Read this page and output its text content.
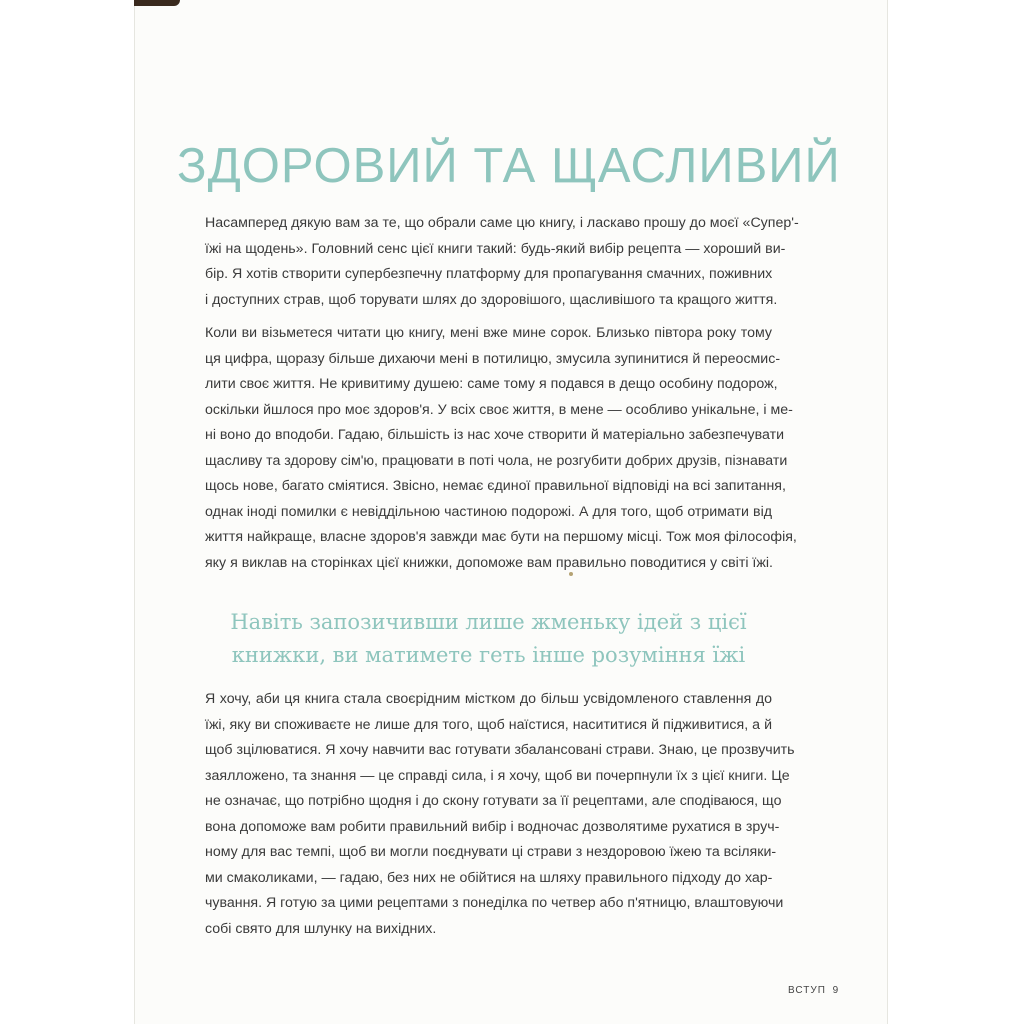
ЗДОРОВИЙ ТА ЩАСЛИВИЙ
Насамперед дякую вам за те, що обрали саме цю книгу, і ласкаво прошу до моєї «Супер'-
їжі на щодень». Головний сенс цієї книги такий: будь-який вибір рецепта — хороший ви-
бір. Я хотів створити супербезпечну платформу для пропагування смачних, поживних
і доступних страв, щоб торувати шлях до здоровішого, щасливішого та кращого життя.
Коли ви візьметеся читати цю книгу, мені вже мине сорок. Близько півтора року тому
ця цифра, щоразу більше дихаючи мені в потилицю, змусила зупинитися й переосмис-
лити своє життя. Не кривитиму душею: саме тому я подався в дещо особину подорож,
оскільки йшлося про моє здоров'я. У всіх своє життя, в мене — особливо унікальне, і ме-
ні воно до вподоби. Гадаю, більшість із нас хоче створити й матеріально забезпечувати
щасливу та здорову сім'ю, працювати в поті чола, не розгубити добрих друзів, пізнавати
щось нове, багато сміятися. Звісно, немає єдиної правильної відповіді на всі запитання,
однак іноді помилки є невіддільною частиною подорожі. А для того, щоб отримати від
життя найкраще, власне здоров'я завжди має бути на першому місці. Тож моя філософія,
яку я виклав на сторінках цієї книжки, допоможе вам правильно поводитися у світі їжі.
Навіть запозичивши лише жменьку ідей з цієї
книжки, ви матимете геть інше розуміння їжі
Я хочу, аби ця книга стала своєрідним містком до більш усвідомленого ставлення до
їжі, яку ви споживаєте не лише для того, щоб наїстися, насититися й підживитися, а й
щоб зцілюватися. Я хочу навчити вас готувати збалансовані страви. Знаю, це прозвучить
заялложено, та знання — це справді сила, і я хочу, щоб ви почерпнули їх з цієї книги. Це
не означає, що потрібно щодня і до скону готувати за її рецептами, але сподіваюся, що
вона допоможе вам робити правильний вибір і водночас дозволятиме рухатися в зруч-
ному для вас темпі, щоб ви могли поєднувати ці страви з нездоровою їжею та всіляки-
ми смаколиками, — гадаю, без них не обійтися на шляху правильного підходу до хар-
чування. Я готую за цими рецептами з понеділка по четвер або п'ятницю, влаштовуючи
собі свято для шлунку на вихідних.
ВСТУП 9
